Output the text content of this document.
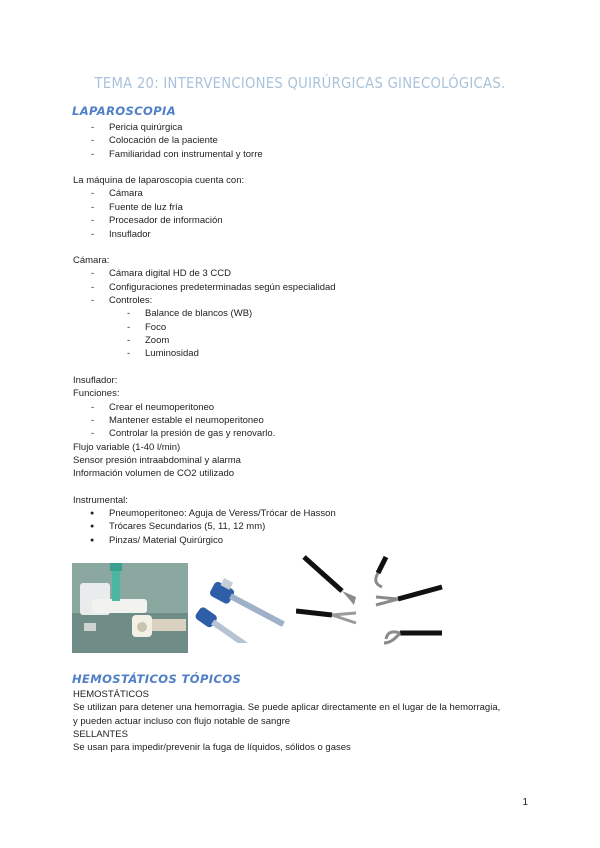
TEMA 20: INTERVENCIONES QUIRÚRGICAS GINECOLÓGICAS.
LAPAROSCOPIA
- Pericia quirúrgica
- Colocación de la paciente
- Familiaridad con instrumental y torre
La máquina de laparoscopia cuenta con:
- Cámara
- Fuente de luz fría
- Procesador de información
- Insuflador
Cámara:
- Cámara digital HD de 3 CCD
- Configuraciones predeterminadas según especialidad
- Controles:
- Balance de blancos (WB)
- Foco
- Zoom
- Luminosidad
Insuflador:
Funciones:
- Crear el neumoperitoneo
- Mantener estable el neumoperitoneo
- Controlar la presión de gas y renovarlo.
Flujo variable (1-40 l/min)
Sensor presión intraabdominal y alarma
Información volumen de CO2 utilizado
Instrumental:
● Pneumoperitoneo: Aguja de Veress/Trócar de Hasson
● Trócares Secundarios (5, 11, 12 mm)
● Pinzas/ Material Quirúrgico
HEMOSTÁTICOS TÓPICOS
HEMOSTÁTICOS
Se utilizan para detener una hemorragia. Se puede aplicar directamente en el lugar de la hemorragia,
y pueden actuar incluso con flujo notable de sangre
SELLANTES
Se usan para impedir/prevenir la fuga de líquidos, sólidos o gases
1
